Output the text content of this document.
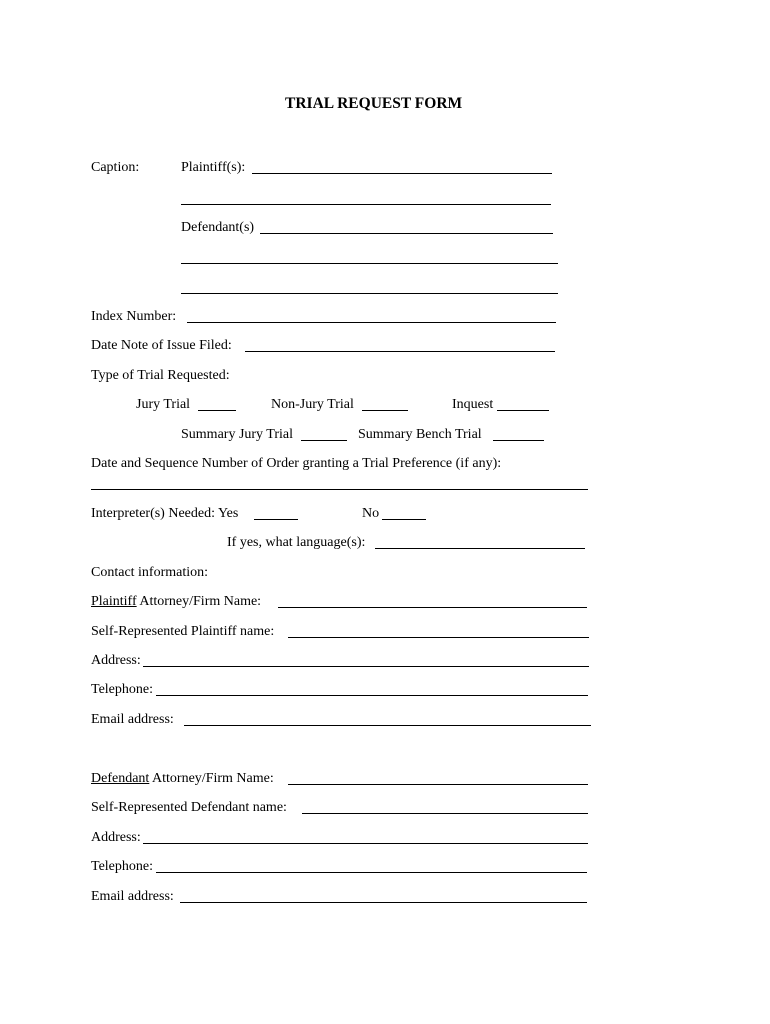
TRIAL REQUEST FORM
Caption:	Plaintiff(s):
Defendant(s)
Index Number:
Date Note of Issue Filed:
Type of Trial Requested:
Jury Trial	Non-Jury Trial	Inquest
Summary Jury Trial	Summary Bench Trial
Date and Sequence Number of Order granting a Trial Preference (if any):
Interpreter(s) Needed: Yes	No
If yes, what language(s):
Contact information:
Plaintiff Attorney/Firm Name:
Self-Represented Plaintiff name:
Address:
Telephone:
Email address:
Defendant Attorney/Firm Name:
Self-Represented Defendant name:
Address:
Telephone:
Email address:
